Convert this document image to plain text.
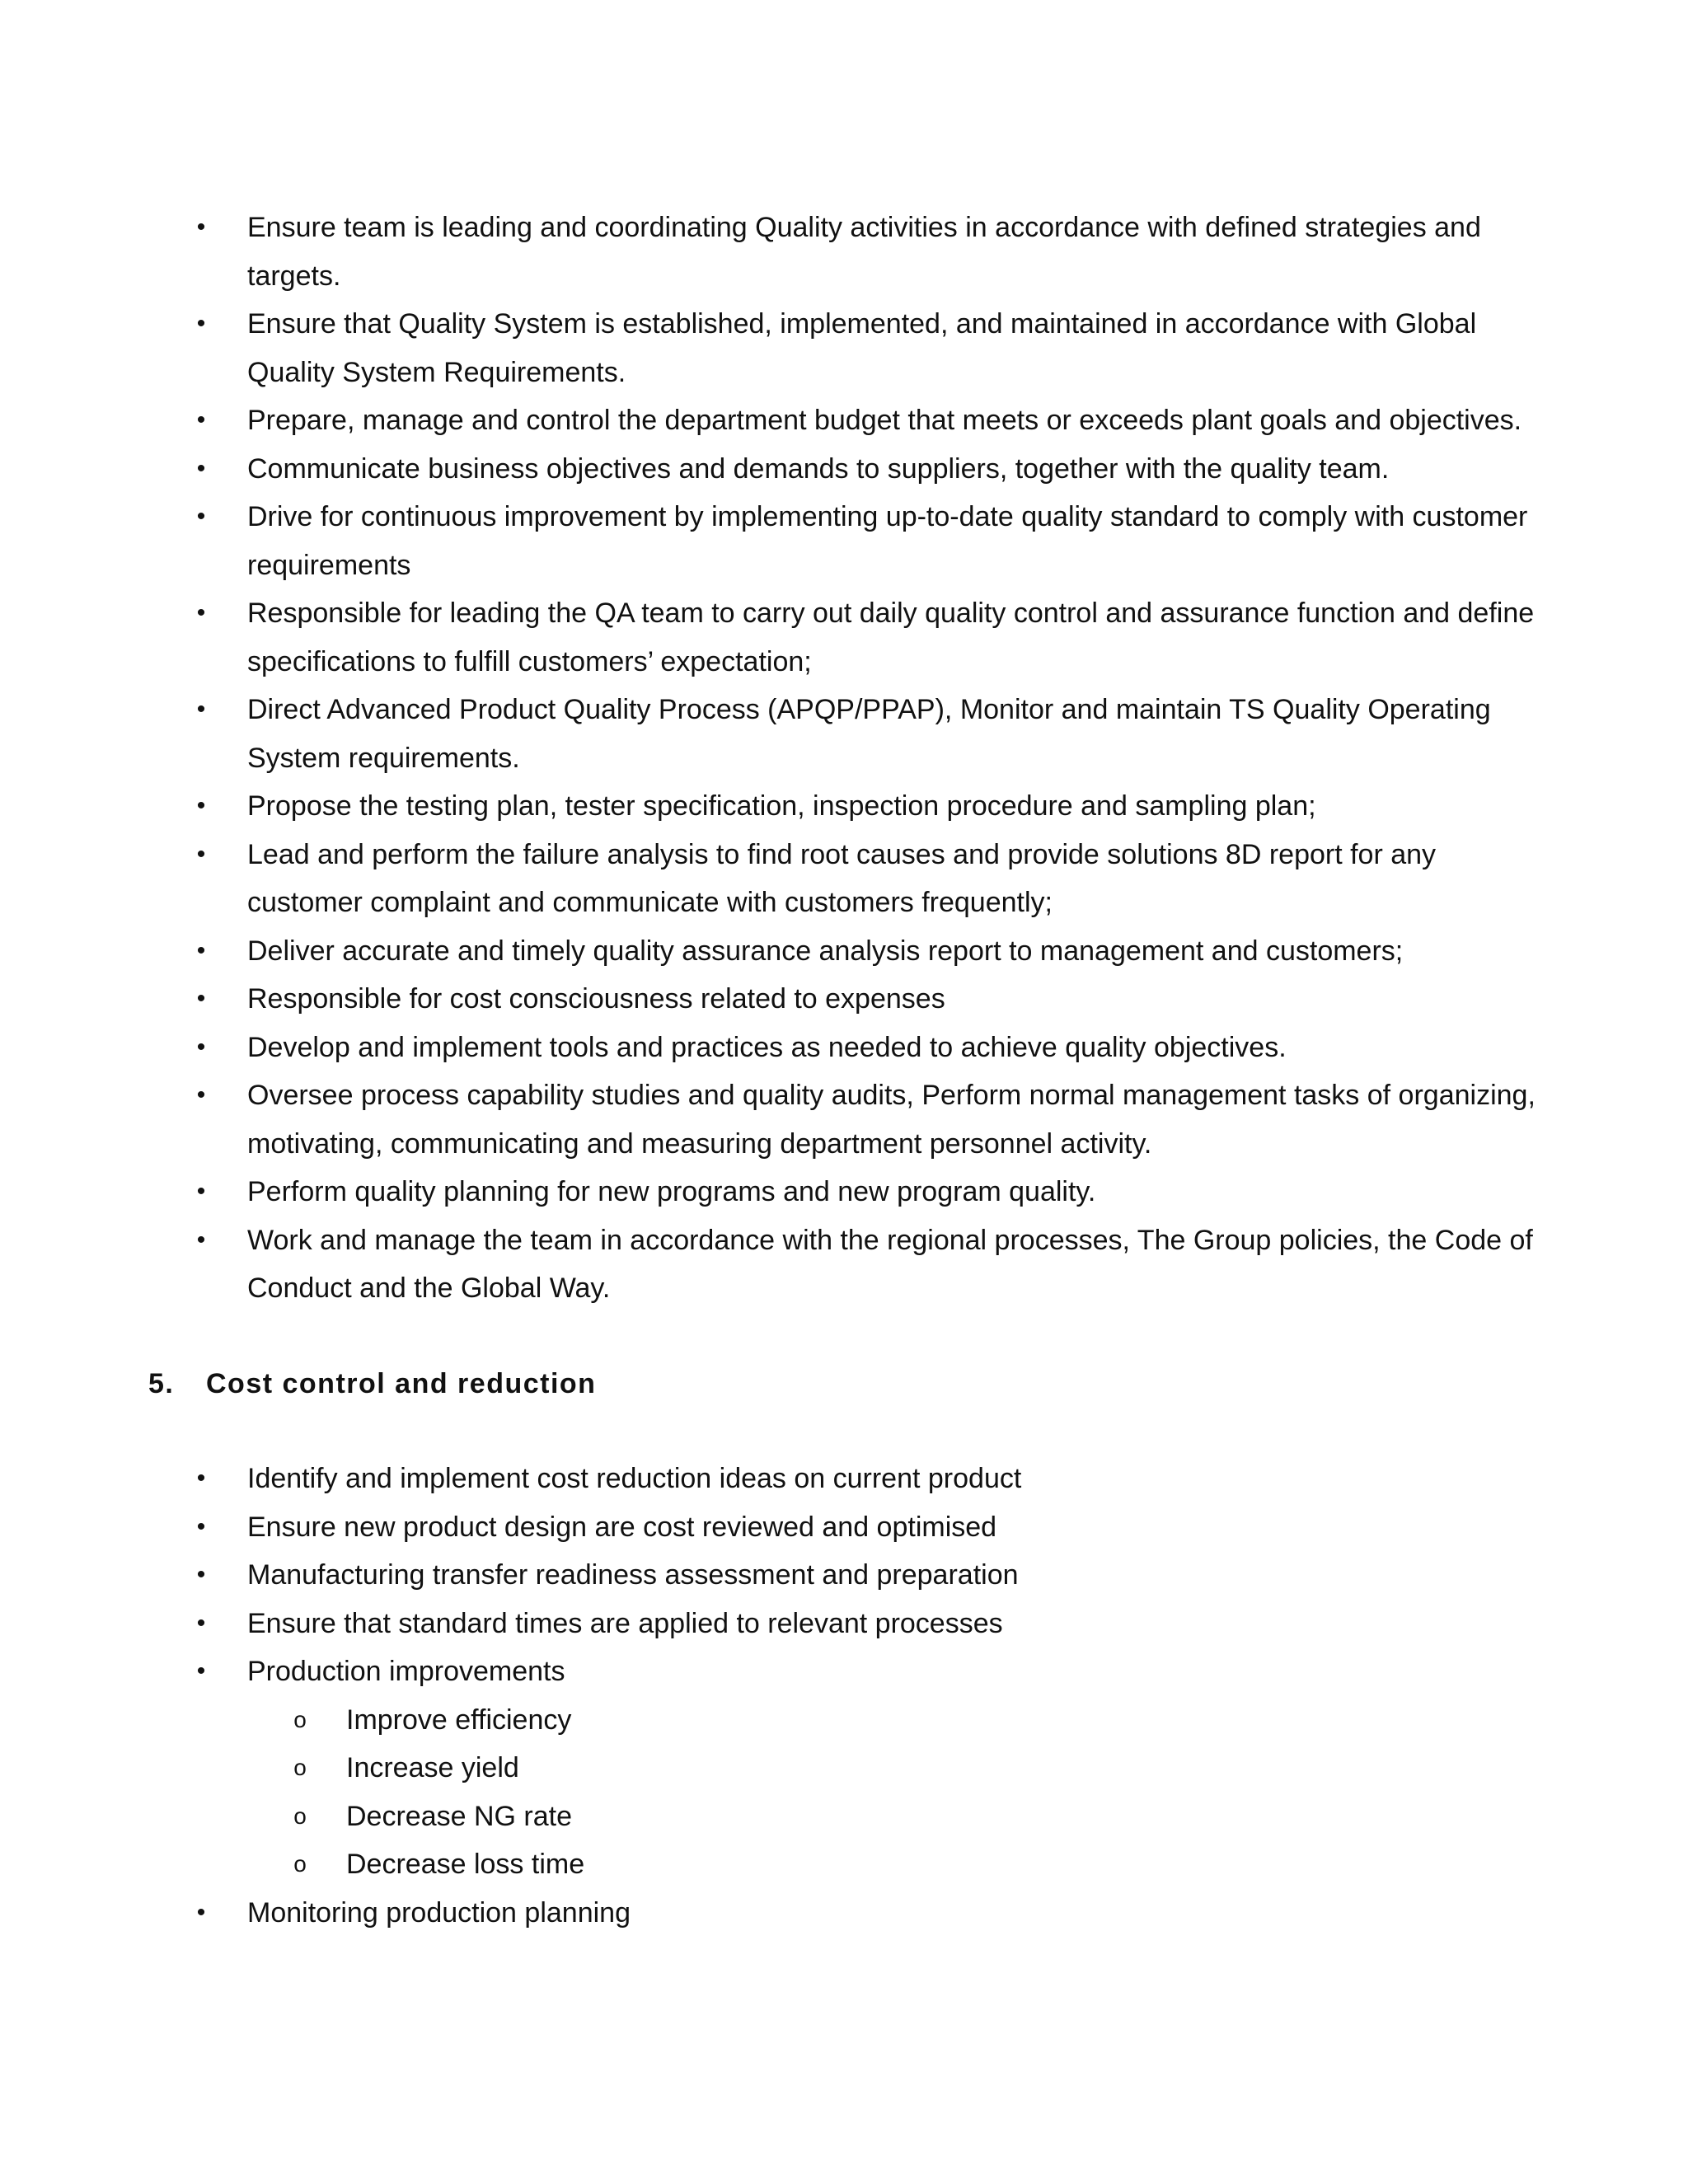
• Ensure team is leading and coordinating Quality activities in accordance with defined strategies and targets.
• Ensure that Quality System is established, implemented, and maintained in accordance with Global Quality System Requirements.
• Prepare, manage and control the department budget that meets or exceeds plant goals and objectives.
• Communicate business objectives and demands to suppliers, together with the quality team.
• Drive for continuous improvement by implementing up-to-date quality standard to comply with customer requirements
• Responsible for leading the QA team to carry out daily quality control and assurance function and define specifications to fulfill customers’ expectation;
• Direct Advanced Product Quality Process (APQP/PPAP), Monitor and maintain TS Quality Operating System requirements.
• Propose the testing plan, tester specification, inspection procedure and sampling plan;
• Lead and perform the failure analysis to find root causes and provide solutions 8D report for any customer complaint and communicate with customers frequently;
• Deliver accurate and timely quality assurance analysis report to management and customers;
• Responsible for cost consciousness related to expenses
• Develop and implement tools and practices as needed to achieve quality objectives.
• Oversee process capability studies and quality audits, Perform normal management tasks of organizing, motivating, communicating and measuring department personnel activity.
• Perform quality planning for new programs and new program quality.
• Work and manage the team in accordance with the regional processes, The Group policies, the Code of Conduct and the Global Way.
5. Cost control and reduction
• Identify and implement cost reduction ideas on current product
• Ensure new product design are cost reviewed and optimised
• Manufacturing transfer readiness assessment and preparation
• Ensure that standard times are applied to relevant processes
• Production improvements
o Improve efficiency
o Increase yield
o Decrease NG rate
o Decrease loss time
• Monitoring production planning
